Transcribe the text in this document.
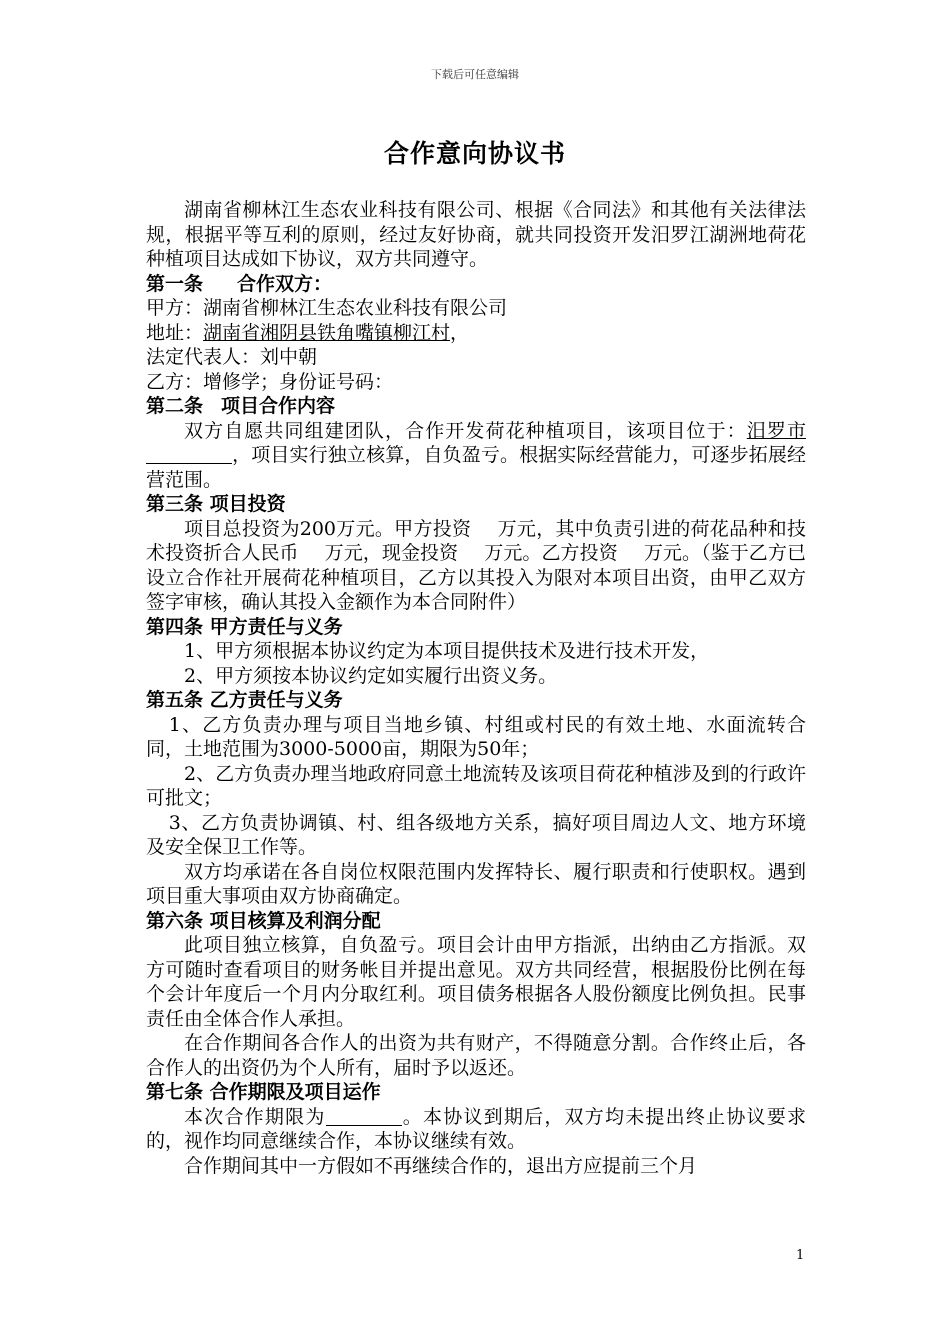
下载后可任意编辑
合作意向协议书

湖南省柳林江生态农业科技有限公司、根据《合同法》和其他有关法律法规，根据平等互利的原则，经过友好协商，就共同投资开发汨罗江湖洲地荷花种植项目达成如下协议，双方共同遵守。

第一条 合作双方：

甲方：湖南省柳林江生态农业科技有限公司

地址：湖南省湘阴县铁角嘴镇柳江村，

法定代表人：刘中朝

乙方：增修学；身份证号码：

第二条 项目合作内容

双方自愿共同组建团队，合作开发荷花种植项目，该项目位于：汨罗市，项目实行独立核算，自负盈亏。根据实际经营能力，可逐步拓展经营范围。

第三条 项目投资

项目总投资为200万元。甲方投资 万元，其中负责引进的荷花品种和技术投资折合人民币 万元，现金投资 万元。乙方投资 万元。（鉴于乙方已设立合作社开展荷花种植项目，乙方以其投入为限对本项目出资，由甲乙双方签字审核，确认其投入金额作为本合同附件）

第四条 甲方责任与义务

1、甲方须根据本协议约定为本项目提供技术及进行技术开发，

2、甲方须按本协议约定如实履行出资义务。

第五条 乙方责任与义务

1、乙方负责办理与项目当地乡镇、村组或村民的有效土地、水面流转合同，土地范围为3000-5000亩，期限为50年；

2、乙方负责办理当地政府同意土地流转及该项目荷花种植涉及到的行政许可批文；

3、乙方负责协调镇、村、组各级地方关系，搞好项目周边人文、地方环境及安全保卫工作等。

双方均承诺在各自岗位权限范围内发挥特长、履行职责和行使职权。遇到项目重大事项由双方协商确定。

第六条 项目核算及利润分配

此项目独立核算，自负盈亏。项目会计由甲方指派，出纳由乙方指派。双方可随时查看项目的财务帐目并提出意见。双方共同经营，根据股份比例在每个会计年度后一个月内分取红利。项目债务根据各人股份额度比例负担。民事责任由全体合作人承担。

在合作期间各合作人的出资为共有财产，不得随意分割。合作终止后，各合作人的出资仍为个人所有，届时予以返还。

第七条 合作期限及项目运作

本次合作期限为	。本协议到期后，双方均未提出终止协议要求的，视作均同意继续合作，本协议继续有效。

合作期间其中一方假如不再继续合作的，退出方应提前三个月

1
